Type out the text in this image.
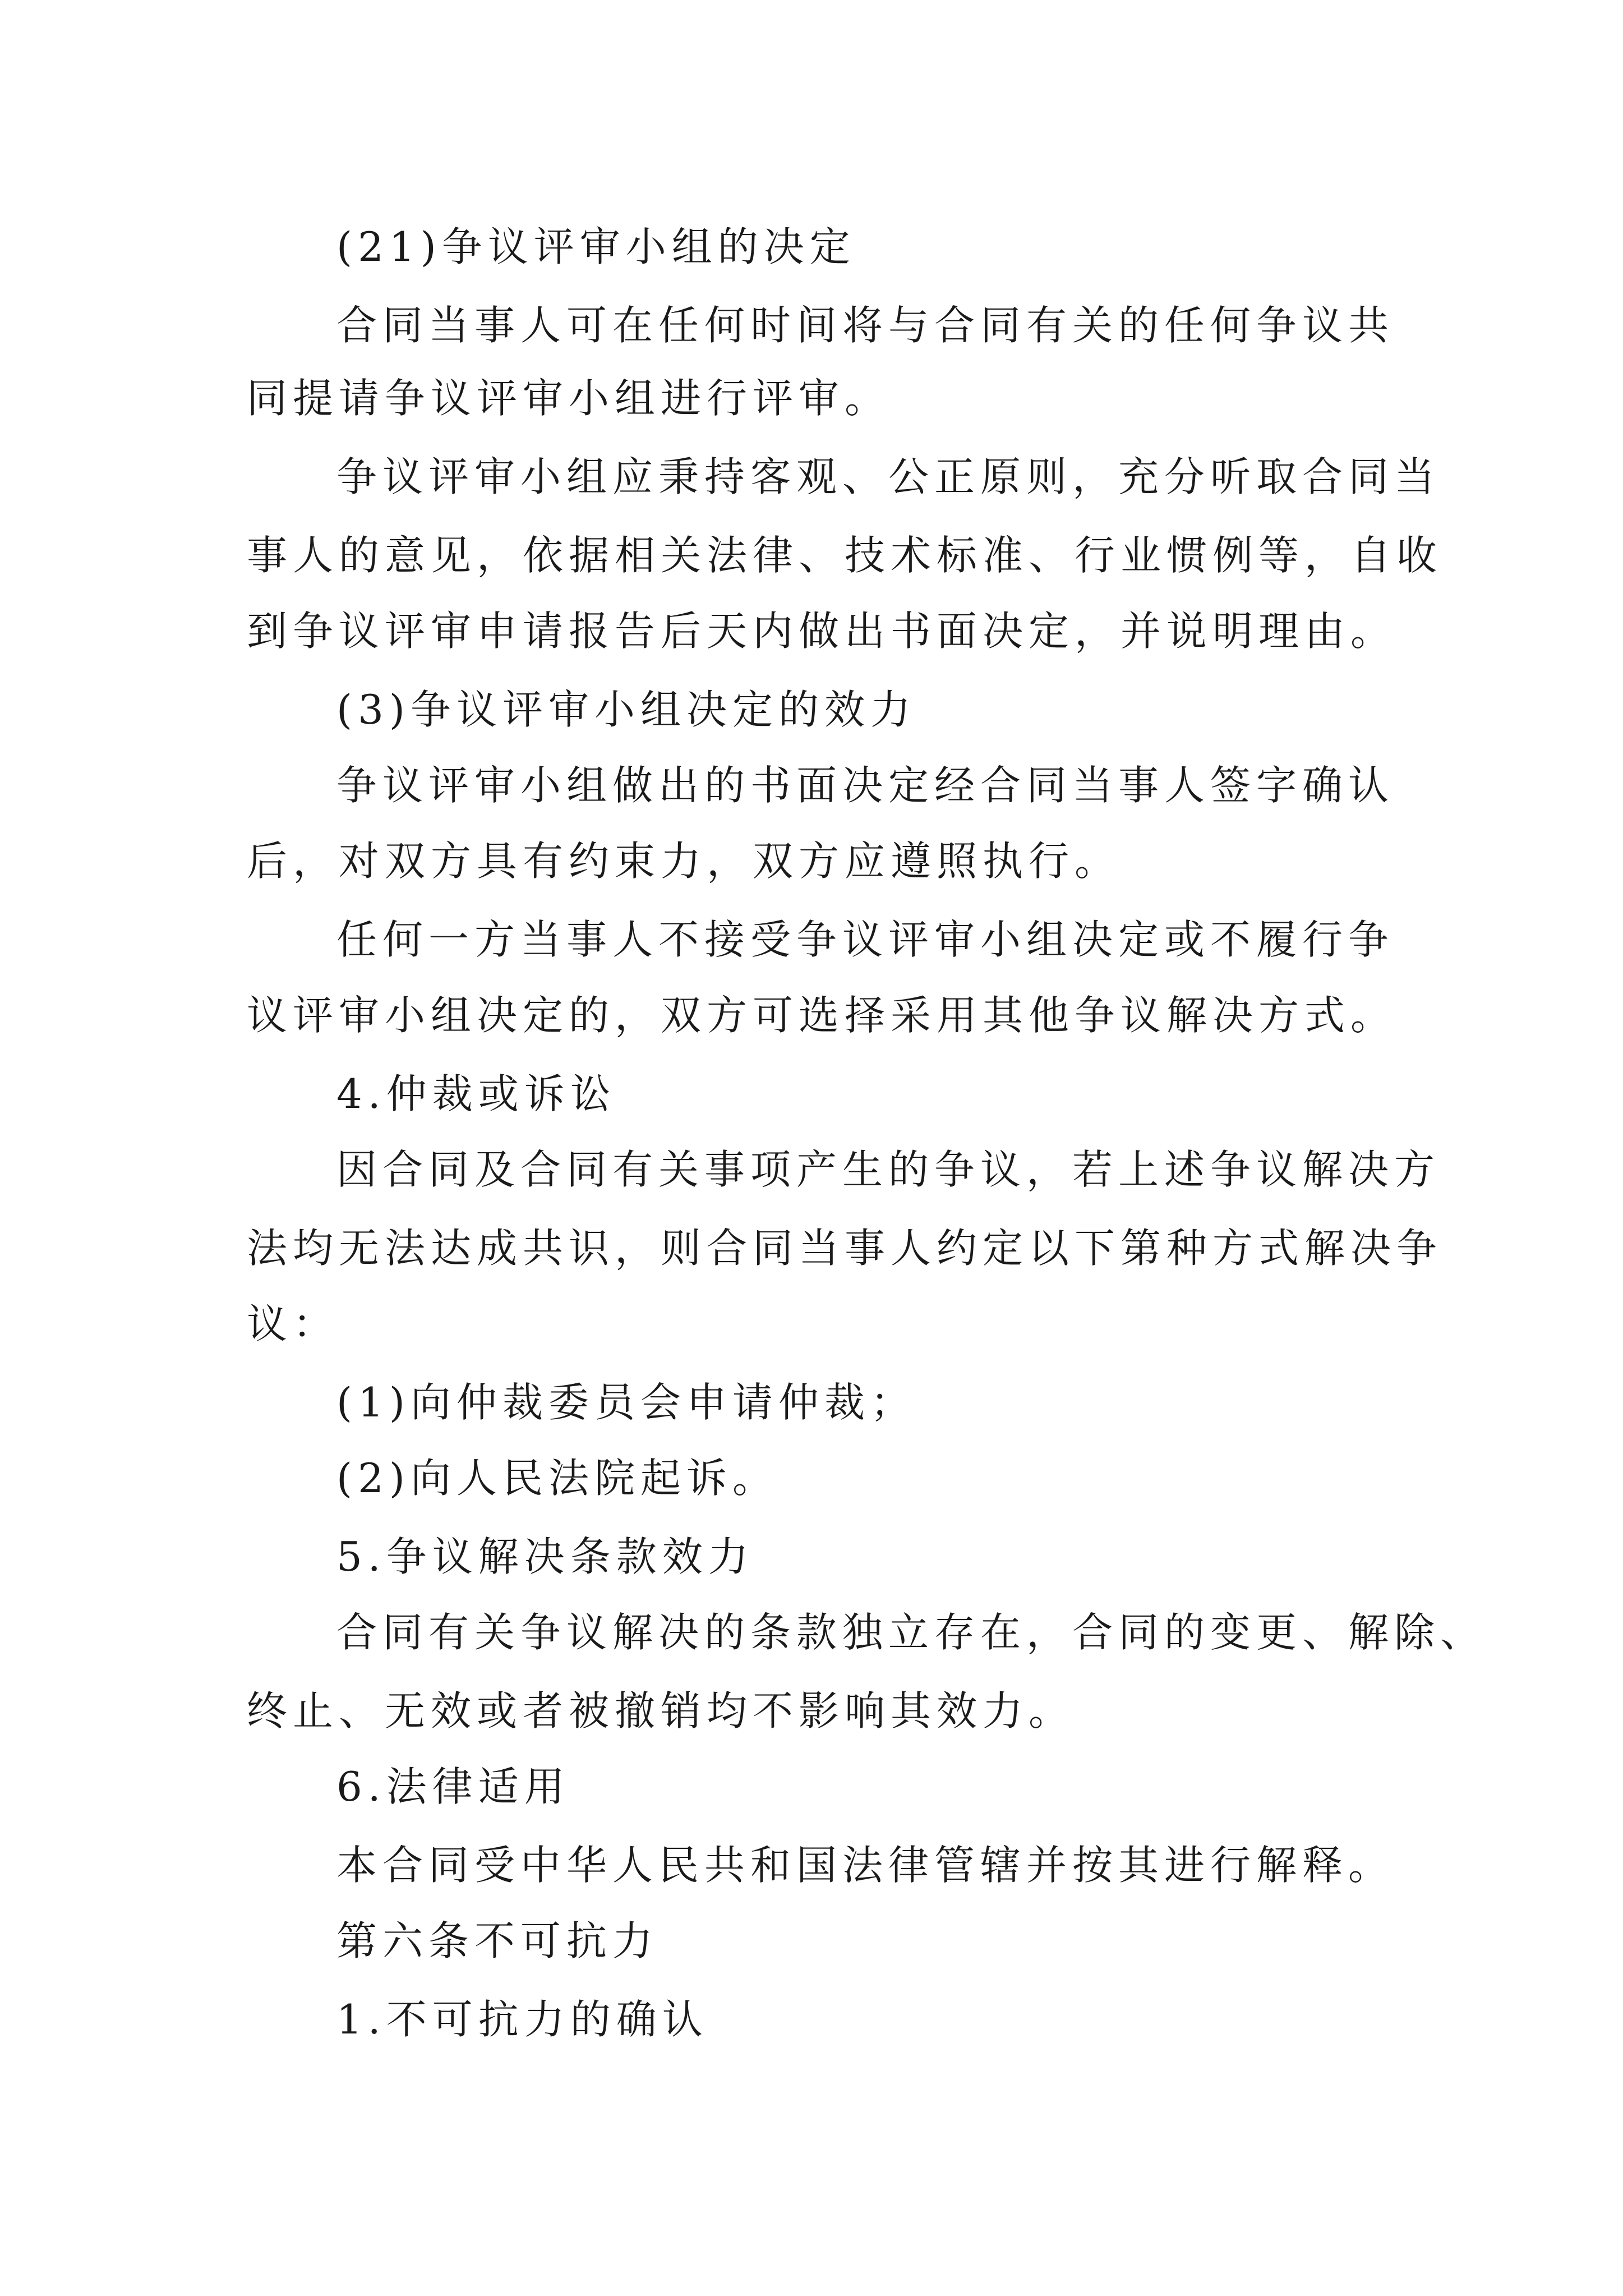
(21)争议评审小组的决定
合同当事人可在任何时间将与合同有关的任何争议共
同提请争议评审小组进行评审。
争议评审小组应秉持客观、公正原则，充分听取合同当
事人的意见，依据相关法律、技术标准、行业惯例等，自收
到争议评审申请报告后天内做出书面决定，并说明理由。
(3)争议评审小组决定的效力
争议评审小组做出的书面决定经合同当事人签字确认
后，对双方具有约束力，双方应遵照执行。
任何一方当事人不接受争议评审小组决定或不履行争
议评审小组决定的，双方可选择采用其他争议解决方式。
4.仲裁或诉讼
因合同及合同有关事项产生的争议，若上述争议解决方
法均无法达成共识，则合同当事人约定以下第种方式解决争
议：
(1)向仲裁委员会申请仲裁；
(2)向人民法院起诉。
5.争议解决条款效力
合同有关争议解决的条款独立存在，合同的变更、解除、
终止、无效或者被撤销均不影响其效力。
6.法律适用
本合同受中华人民共和国法律管辖并按其进行解释。
第六条不可抗力
1.不可抗力的确认
